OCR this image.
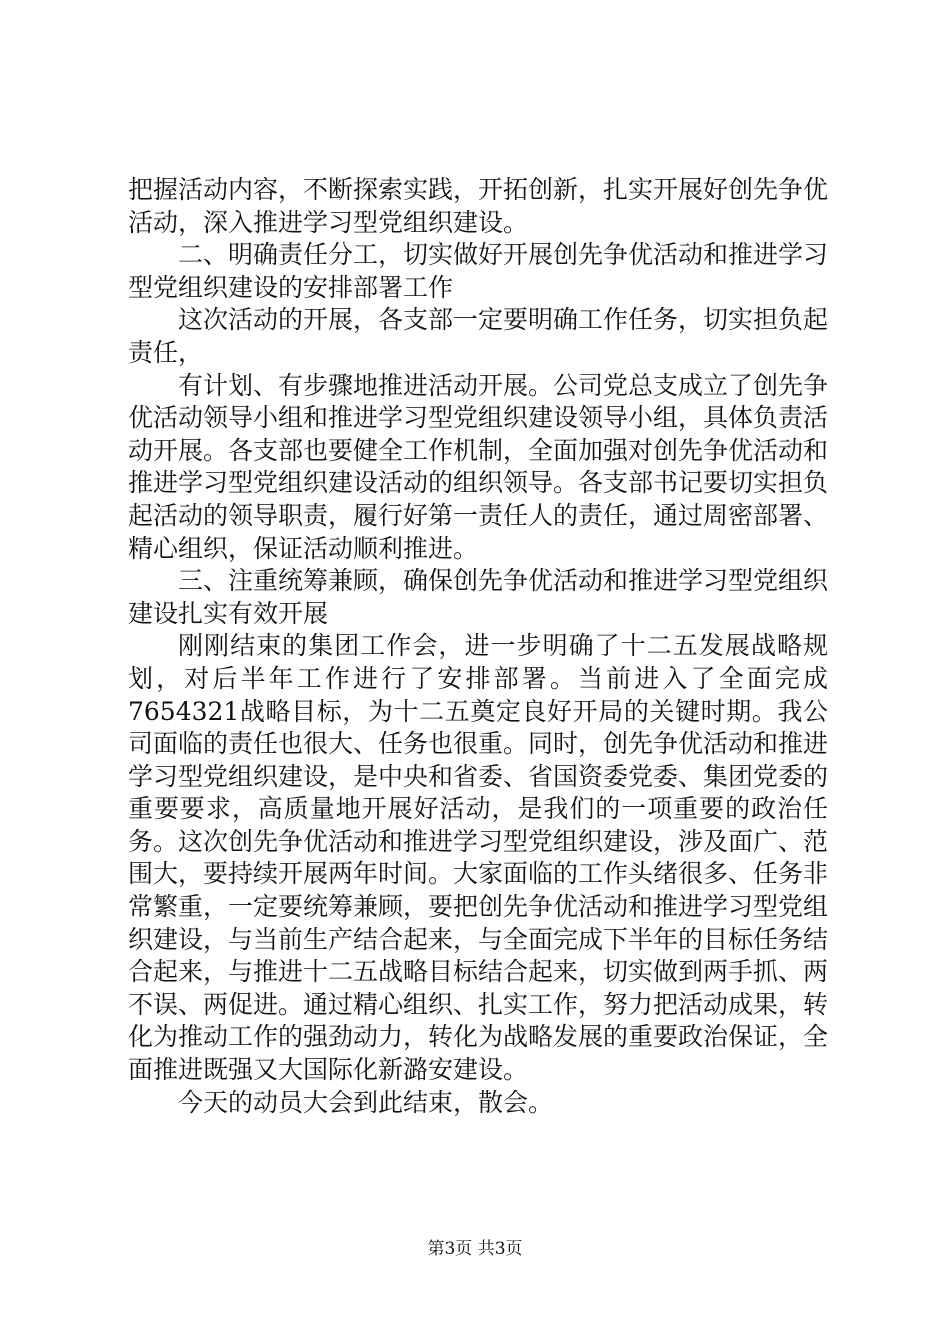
把握活动内容，不断探索实践，开拓创新，扎实开展好创先争优活动，深入推进学习型党组织建设。

二、明确责任分工，切实做好开展创先争优活动和推进学习型党组织建设的安排部署工作

这次活动的开展，各支部一定要明确工作任务，切实担负起责任，

有计划、有步骤地推进活动开展。公司党总支成立了创先争优活动领导小组和推进学习型党组织建设领导小组，具体负责活动开展。各支部也要健全工作机制，全面加强对创先争优活动和推进学习型党组织建设活动的组织领导。各支部书记要切实担负起活动的领导职责，履行好第一责任人的责任，通过周密部署、精心组织，保证活动顺利推进。

三、注重统筹兼顾，确保创先争优活动和推进学习型党组织建设扎实有效开展

刚刚结束的集团工作会，进一步明确了十二五发展战略规划，对后半年工作进行了安排部署。当前进入了全面完成7654321战略目标，为十二五奠定良好开局的关键时期。我公司面临的责任也很大、任务也很重。同时，创先争优活动和推进学习型党组织建设，是中央和省委、省国资委党委、集团党委的重要要求，高质量地开展好活动，是我们的一项重要的政治任务。这次创先争优活动和推进学习型党组织建设，涉及面广、范围大，要持续开展两年时间。大家面临的工作头绪很多、任务非常繁重，一定要统筹兼顾，要把创先争优活动和推进学习型党组织建设，与当前生产结合起来，与全面完成下半年的目标任务结合起来，与推进十二五战略目标结合起来，切实做到两手抓、两不误、两促进。通过精心组织、扎实工作，努力把活动成果，转化为推动工作的强劲动力，转化为战略发展的重要政治保证，全面推进既强又大国际化新潞安建设。

今天的动员大会到此结束，散会。

第3页 共3页
